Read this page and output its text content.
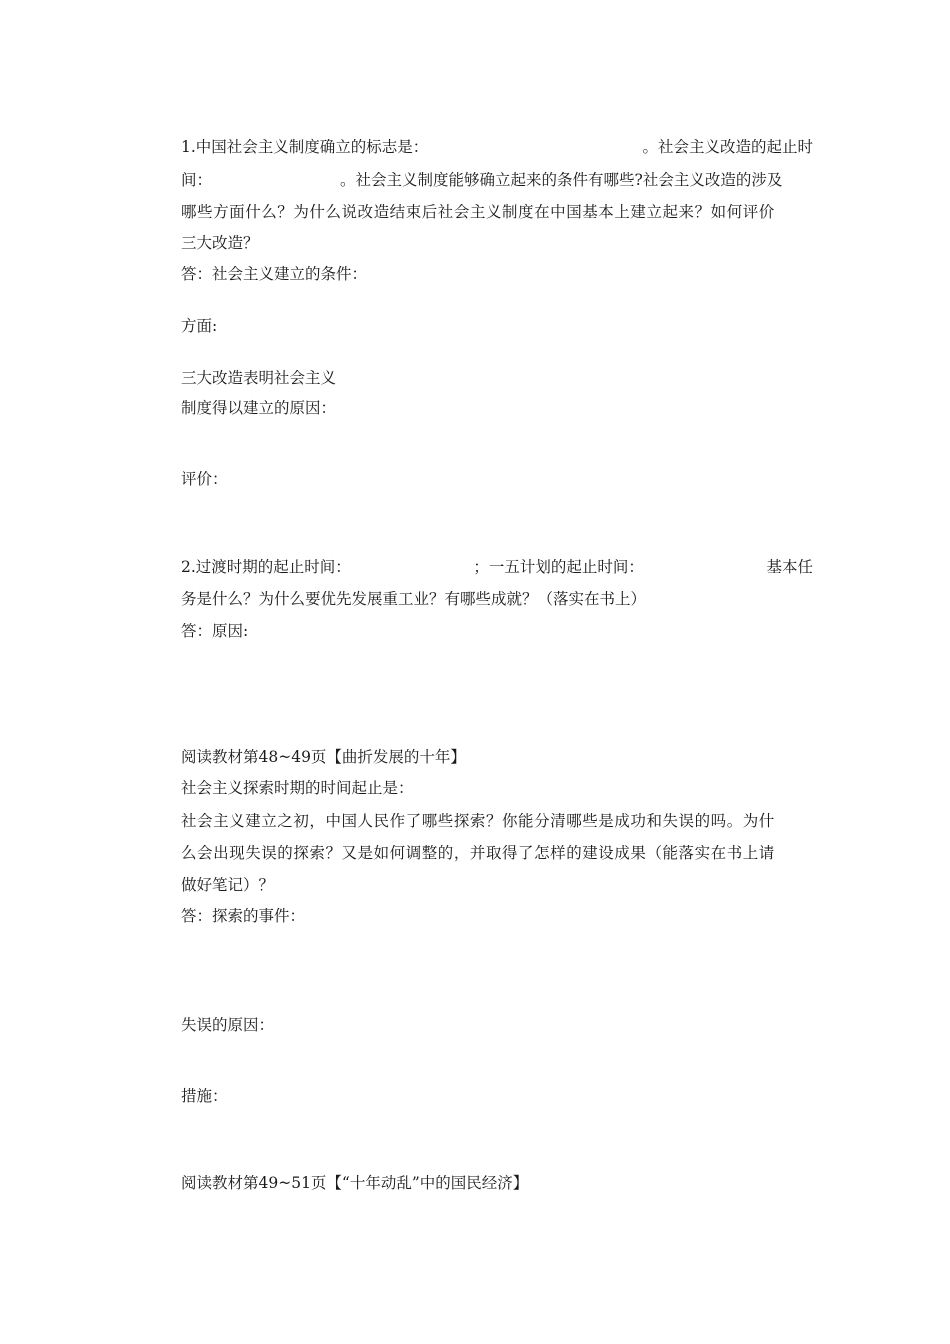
1.中国社会主义制度确立的标志是：	。社会主义改造的起止时
间：	。社会主义制度能够确立起来的条件有哪些?社会主义改造的涉及
哪些方面什么？为什么说改造结束后社会主义制度在中国基本上建立起来？如何评价
三大改造？
答：社会主义建立的条件：
方面:
三大改造表明社会主义
制度得以建立的原因：
评价：
2.过渡时期的起止时间：	；一五计划的起止时间：	基本任
务是什么？为什么要优先发展重工业？有哪些成就？（落实在书上）
答：原因:
阅读教材第48~49页【曲折发展的十年】
社会主义探索时期的时间起止是：
社会主义建立之初，中国人民作了哪些探索？你能分清哪些是成功和失误的吗。为什
么会出现失误的探索？又是如何调整的，并取得了怎样的建设成果（能落实在书上请
做好笔记）？
答：探索的事件：
失误的原因：
措施：
阅读教材第49~51页【“十年动乱”中的国民经济】
